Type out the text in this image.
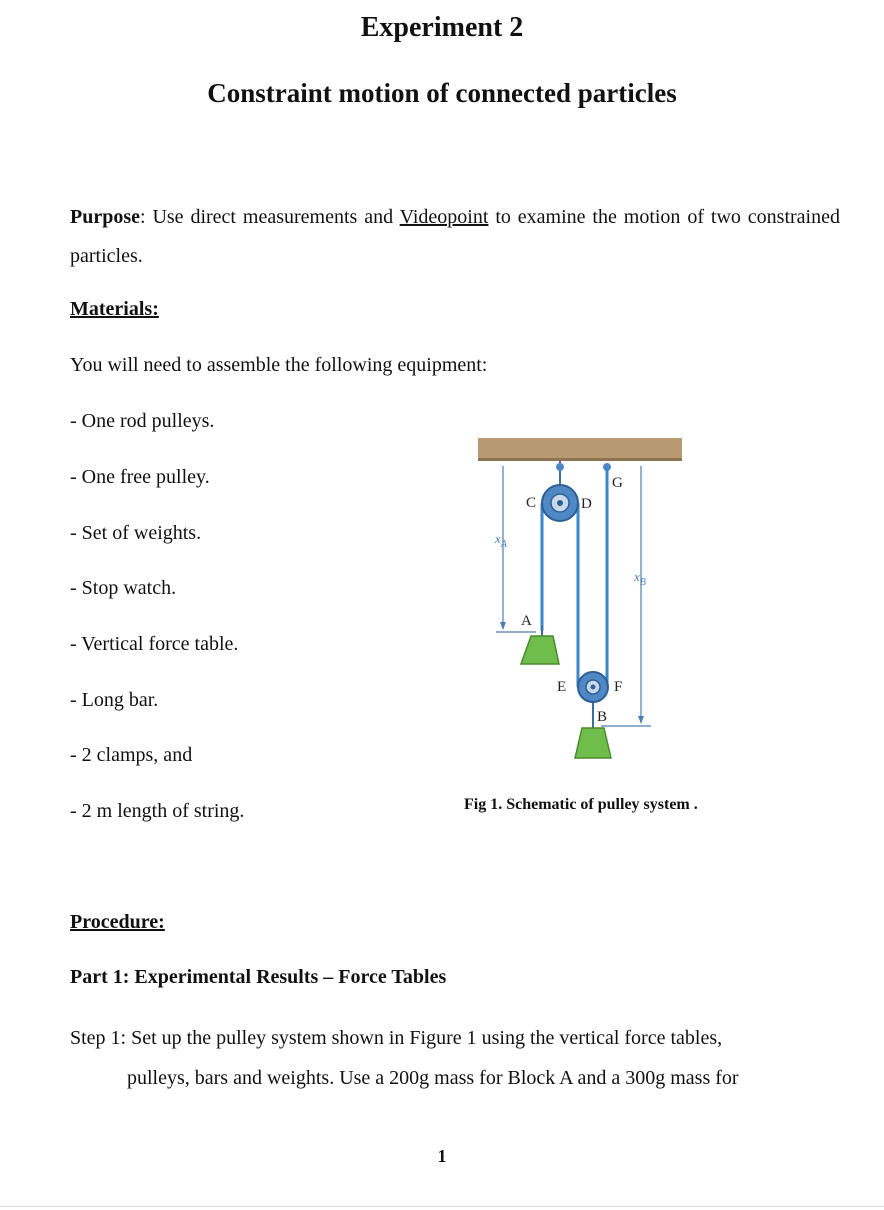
Experiment 2
Constraint motion of connected particles
Purpose: Use direct measurements and Videopoint to examine the motion of two constrained particles.
Materials:
You will need to assemble the following equipment:
- One rod pulleys.
- One free pulley.
- Set of weights.
- Stop watch.
- Vertical force table.
- Long bar.
- 2 clamps, and
- 2 m length of string.
C	D
G
A
E	F
B
$x_A$
$x_B$
Fig 1. Schematic of pulley system .
Procedure:
Part 1: Experimental Results – Force Tables
Step 1: Set up the pulley system shown in Figure 1 using the vertical force tables,
pulleys, bars and weights. Use a 200g mass for Block A and a 300g mass for
1
